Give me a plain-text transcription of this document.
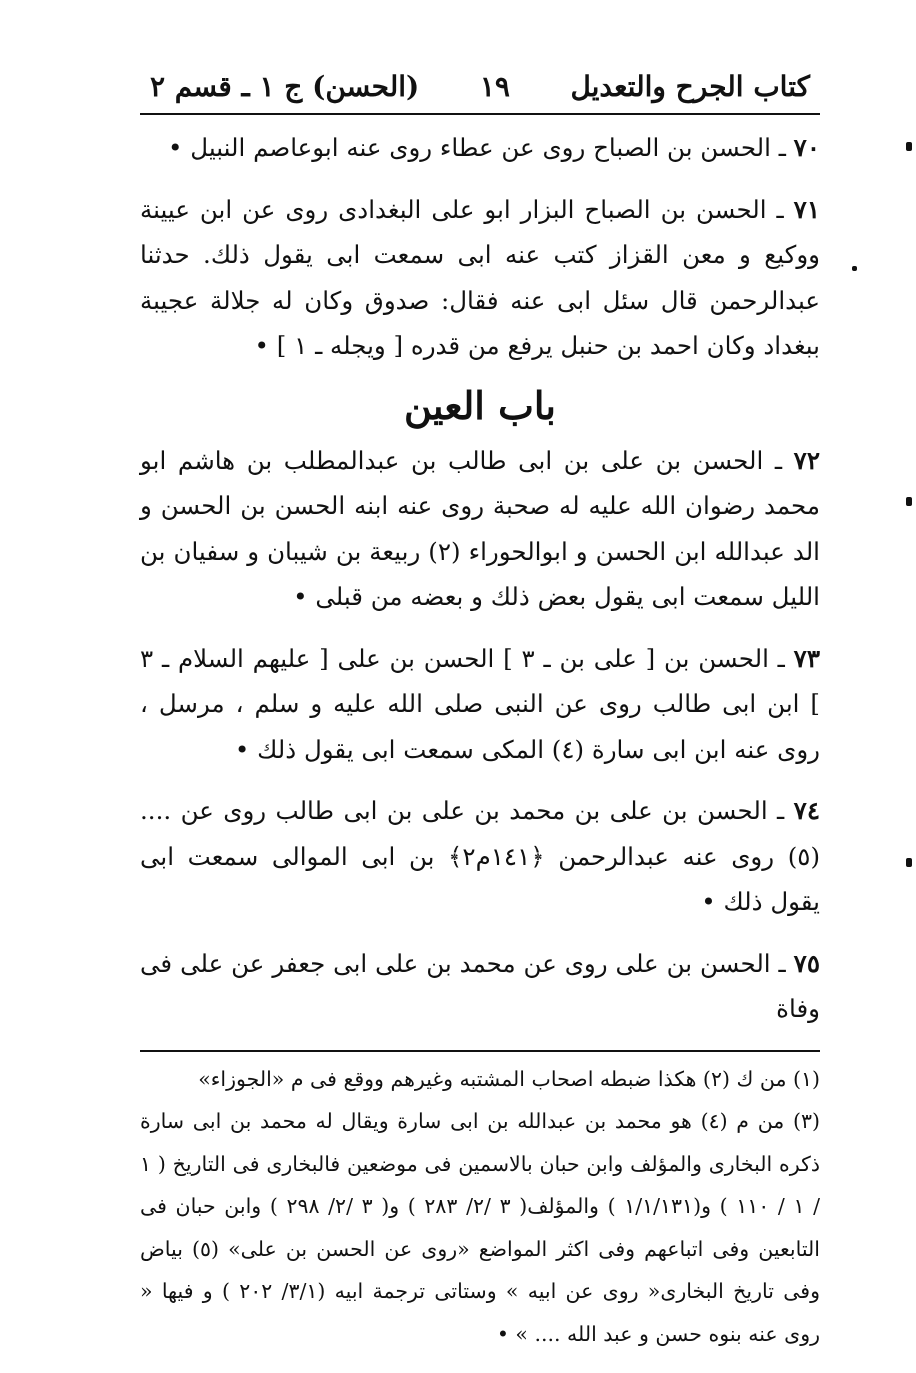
كتاب الجرح والتعديل
١٩
(الحسن) ج ١ ـ قسم ٢
٧٠ ـ الحسن بن الصباح روى عن عطاء روى عنه ابوعاصم النبيل •
٧١ ـ الحسن بن الصباح البزار ابو على البغدادى روى عن ابن عيينة ووكيع و معن القزاز كتب عنه ابى سمعت ابى يقول ذلك. حدثنا عبدالرحمن قال سئل ابى عنه فقال: صدوق وكان له جلالة عجيبة ببغداد وكان احمد بن حنبل يرفع من قدره [ ويجله ـ ١ ] •
باب العين
٧٢ ـ الحسن بن على بن ابى طالب بن عبدالمطلب بن هاشم ابو محمد رضوان الله عليه له صحبة روى عنه ابنه الحسن بن الحسن و الد عبدالله ابن الحسن و ابوالحوراء (٢) ربيعة بن شيبان و سفيان بن الليل سمعت ابى يقول بعض ذلك و بعضه من قبلى •
٧٣ ـ الحسن بن [ على بن ـ ٣ ] الحسن بن على [ عليهم السلام ـ ٣ ] ابن ابى طالب روى عن النبى صلى الله عليه و سلم ، مرسل ، روى عنه ابن ابى سارة (٤) المكى سمعت ابى يقول ذلك •
٧٤ ـ الحسن بن على بن محمد بن على بن ابى طالب روى عن .... (٥) روى عنه عبدالرحمن ﴿١٤١م٢﴾ بن ابى الموالى سمعت ابى يقول ذلك •
٧٥ ـ الحسن بن على روى عن محمد بن على ابى جعفر عن على فى وفاة
(١) من ك (٢) هكذا ضبطه اصحاب المشتبه وغيرهم ووقع فى م «الجوزاء»
(٣) من م (٤) هو محمد بن عبدالله بن ابى سارة ويقال له محمد بن ابى سارة ذكره البخارى والمؤلف وابن حبان بالاسمين فى موضعين فالبخارى فى التاريخ ( ١ / ١ / ١١٠ ) و(١/١/١٣١ ) والمؤلف( ٣ /٢/ ٢٨٣ ) و( ٣ /٢/ ٢٩٨ ) وابن حبان فى التابعين وفى اتباعهم وفى اكثر المواضع «روى عن الحسن بن على» (٥) بياض وفى تاريخ البخارى« روى عن ابيه » وستاتى ترجمة ابيه (٣/١/ ٢٠٢ ) و فيها « روى عنه بنوه حسن و عبد الله .... » •
